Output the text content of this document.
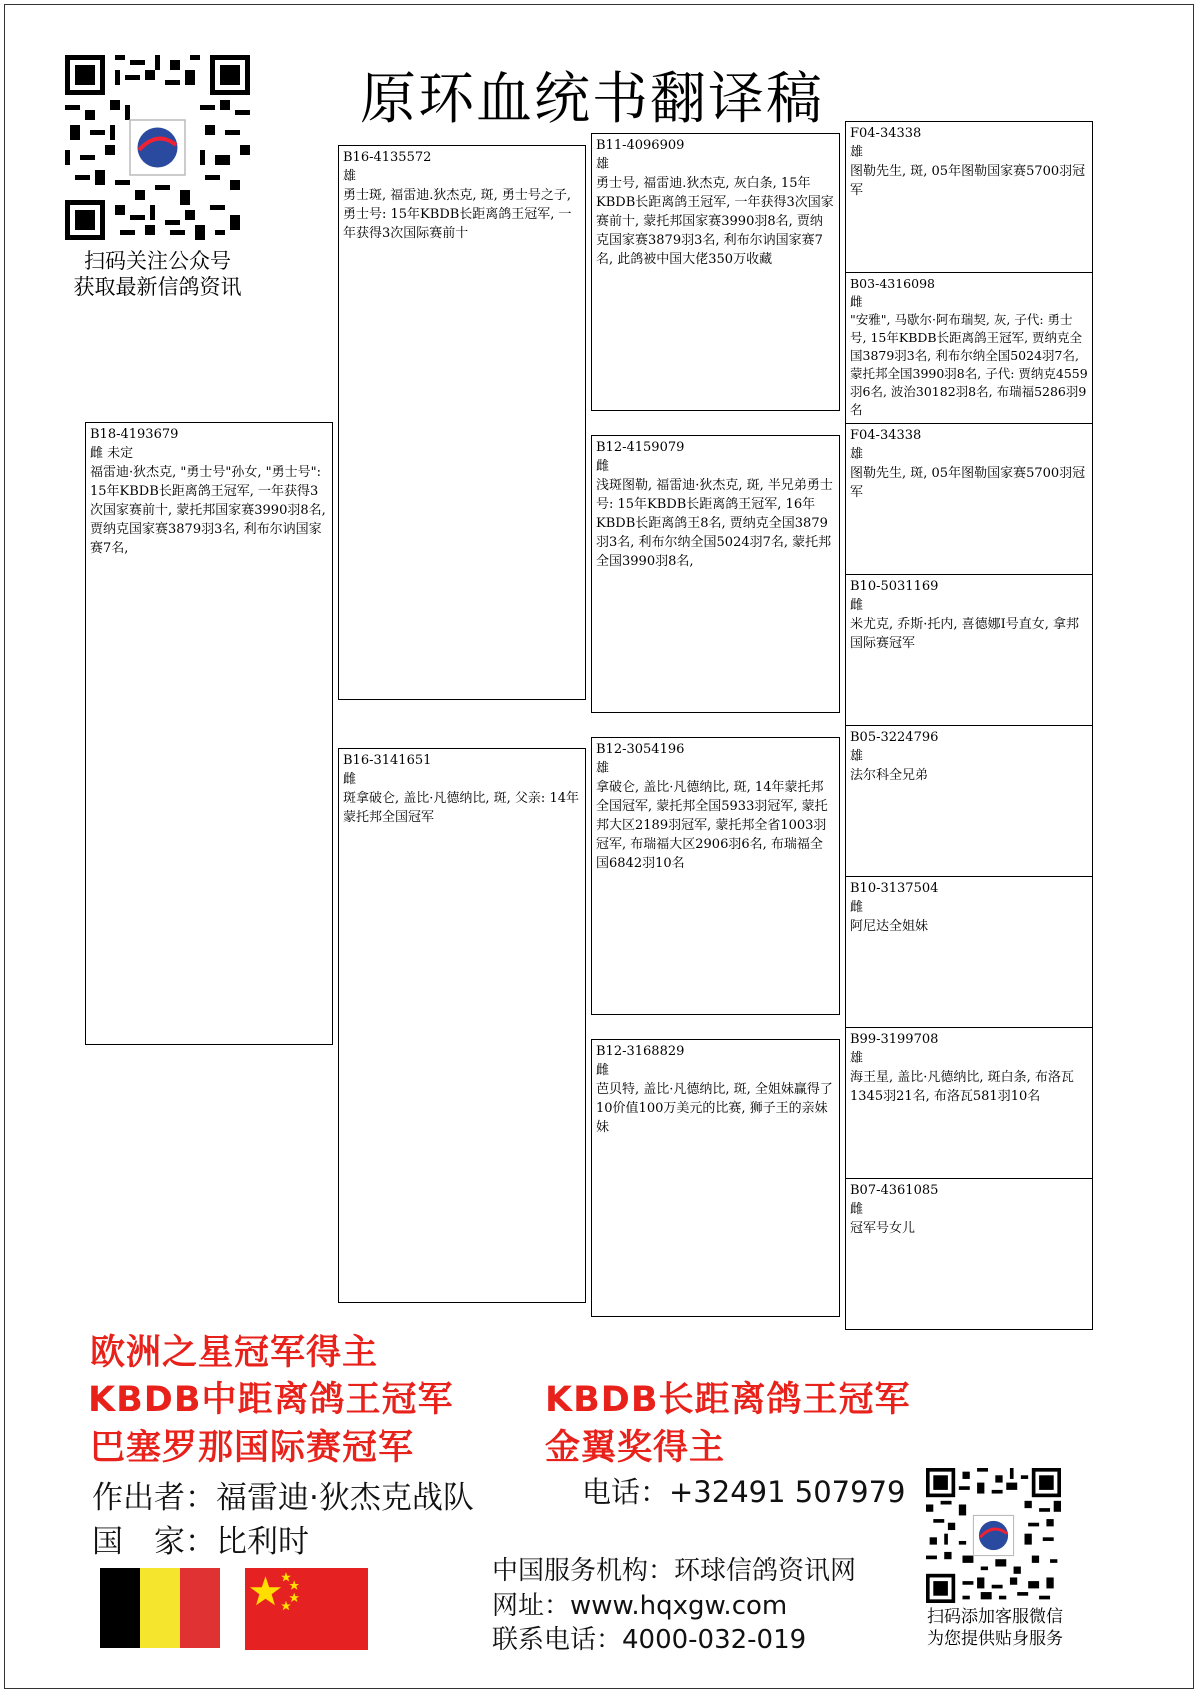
扫码关注公众号
获取最新信鸽资讯
原环血统书翻译稿
B18-4193679
雌 未定
福雷迪·狄杰克, "勇士号"孙女, "勇士号": 15年KBDB长距离鸽王冠军, 一年获得3次国家赛前十, 蒙托邦国家赛3990羽8名, 贾纳克国家赛3879羽3名, 利布尔讷国家赛7名,
B16-4135572
雄
勇士斑, 福雷迪.狄杰克, 斑, 勇士号之子, 勇士号: 15年KBDB长距离鸽王冠军, 一年获得3次国际赛前十
B16-3141651
雌
斑拿破仑, 盖比·凡德纳比, 斑, 父亲: 14年蒙托邦全国冠军
B11-4096909
雄
勇士号, 福雷迪.狄杰克, 灰白条, 15年KBDB长距离鸽王冠军, 一年获得3次国家赛前十, 蒙托邦国家赛3990羽8名, 贾纳克国家赛3879羽3名, 利布尔讷国家赛7名, 此鸽被中国大佬350万收藏
B12-4159079
雌
浅斑图勒, 福雷迪·狄杰克, 斑, 半兄弟勇士号: 15年KBDB长距离鸽王冠军, 16年KBDB长距离鸽王8名, 贾纳克全国3879羽3名, 利布尔纳全国5024羽7名, 蒙托邦全国3990羽8名,
B12-3054196
雄
拿破仑, 盖比·凡德纳比, 斑, 14年蒙托邦全国冠军, 蒙托邦全国5933羽冠军, 蒙托邦大区2189羽冠军, 蒙托邦全省1003羽冠军, 布瑞福大区2906羽6名, 布瑞福全国6842羽10名
B12-3168829
雌
芭贝特, 盖比·凡德纳比, 斑, 全姐妹赢得了10价值100万美元的比赛, 狮子王的亲妹妹
F04-34338
雄
图勒先生, 斑, 05年图勒国家赛5700羽冠军
B03-4316098
雌
"安雅", 马歇尔·阿布瑞契, 灰, 子代: 勇士号, 15年KBDB长距离鸽王冠军, 贾纳克全国3879羽3名, 利布尔纳全国5024羽7名, 蒙托邦全国3990羽8名, 子代: 贾纳克4559羽6名, 波治30182羽8名, 布瑞福5286羽9名
F04-34338
雄
图勒先生, 斑, 05年图勒国家赛5700羽冠军
B10-5031169
雌
米尤克, 乔斯·托内, 喜德娜Ⅰ号直女, 拿邦国际赛冠军
B05-3224796
雄
法尔科全兄弟
B10-3137504
雌
阿尼达全姐妹
B99-3199708
雄
海王星, 盖比·凡德纳比, 斑白条, 布洛瓦1345羽21名, 布洛瓦581羽10名
B07-4361085
雌
冠军号女儿
欧洲之星冠军得主
KBDB中距离鸽王冠军	KBDB长距离鸽王冠军
巴塞罗那国际赛冠军	金翼奖得主
作出者：福雷迪·狄杰克战队	电话：+32491 507979
国　家：比利时
中国服务机构：环球信鸽资讯网
网址：www.hqxgw.com
联系电话：4000-032-019
扫码添加客服微信
为您提供贴身服务
